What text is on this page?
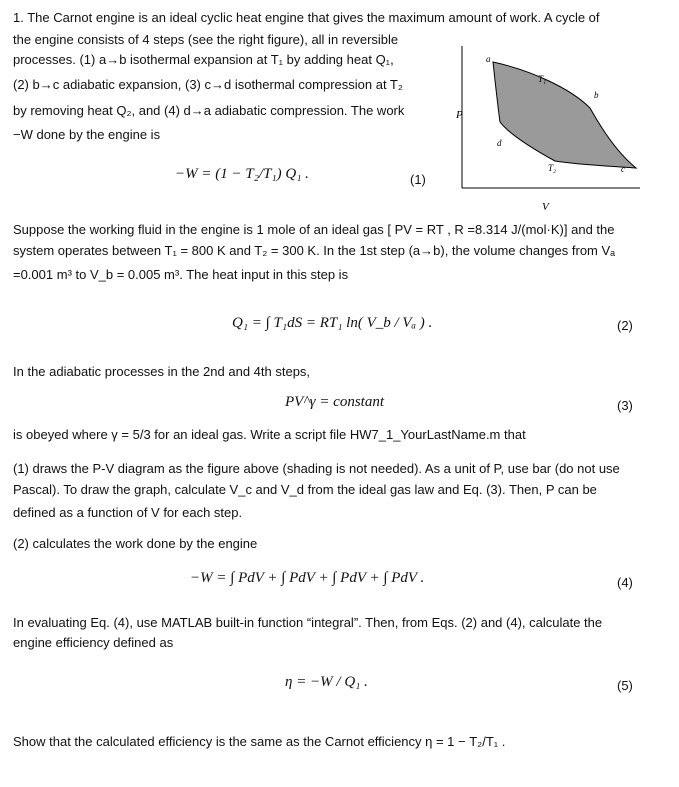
1. The Carnot engine is an ideal cyclic heat engine that gives the maximum amount of work. A cycle of
the engine consists of 4 steps (see the right figure), all in reversible
processes. (1) a→b isothermal expansion at T₁ by adding heat Q₁,
(2) b→c adiabatic expansion, (3) c→d isothermal compression at T₂
by removing heat Q₂, and (4) d→a adiabatic compression. The work
−W done by the engine is
P
V
a
b
c
d
T₁
T₂
−W = (1 − T₂/T₁) Q₁ .	(1)
Suppose the working fluid in the engine is 1 mole of an ideal gas [ PV = RT , R =8.314 J/(mol·K)] and the
system operates between T₁ = 800 K and T₂ = 300 K. In the 1st step (a→b), the volume changes from Vₐ
=0.001 m³ to V_b = 0.005 m³. The heat input in this step is
Q₁ = ∫ T₁dS = RT₁ ln( V_b / Vₐ ) .	(2)
In the adiabatic processes in the 2nd and 4th steps,
PV^γ = constant	(3)
is obeyed where γ = 5/3 for an ideal gas. Write a script file HW7_1_YourLastName.m that
(1) draws the P-V diagram as the figure above (shading is not needed). As a unit of P, use bar (do not use
Pascal). To draw the graph, calculate V_c and V_d from the ideal gas law and Eq. (3). Then, P can be
defined as a function of V for each step.
(2) calculates the work done by the engine
−W = ∫ PdV + ∫ PdV + ∫ PdV + ∫ PdV .	(4)
In evaluating Eq. (4), use MATLAB built-in function “integral”. Then, from Eqs. (2) and (4), calculate the
engine efficiency defined as
η = −W / Q₁ .	(5)
Show that the calculated efficiency is the same as the Carnot efficiency η = 1 − T₂/T₁ .
